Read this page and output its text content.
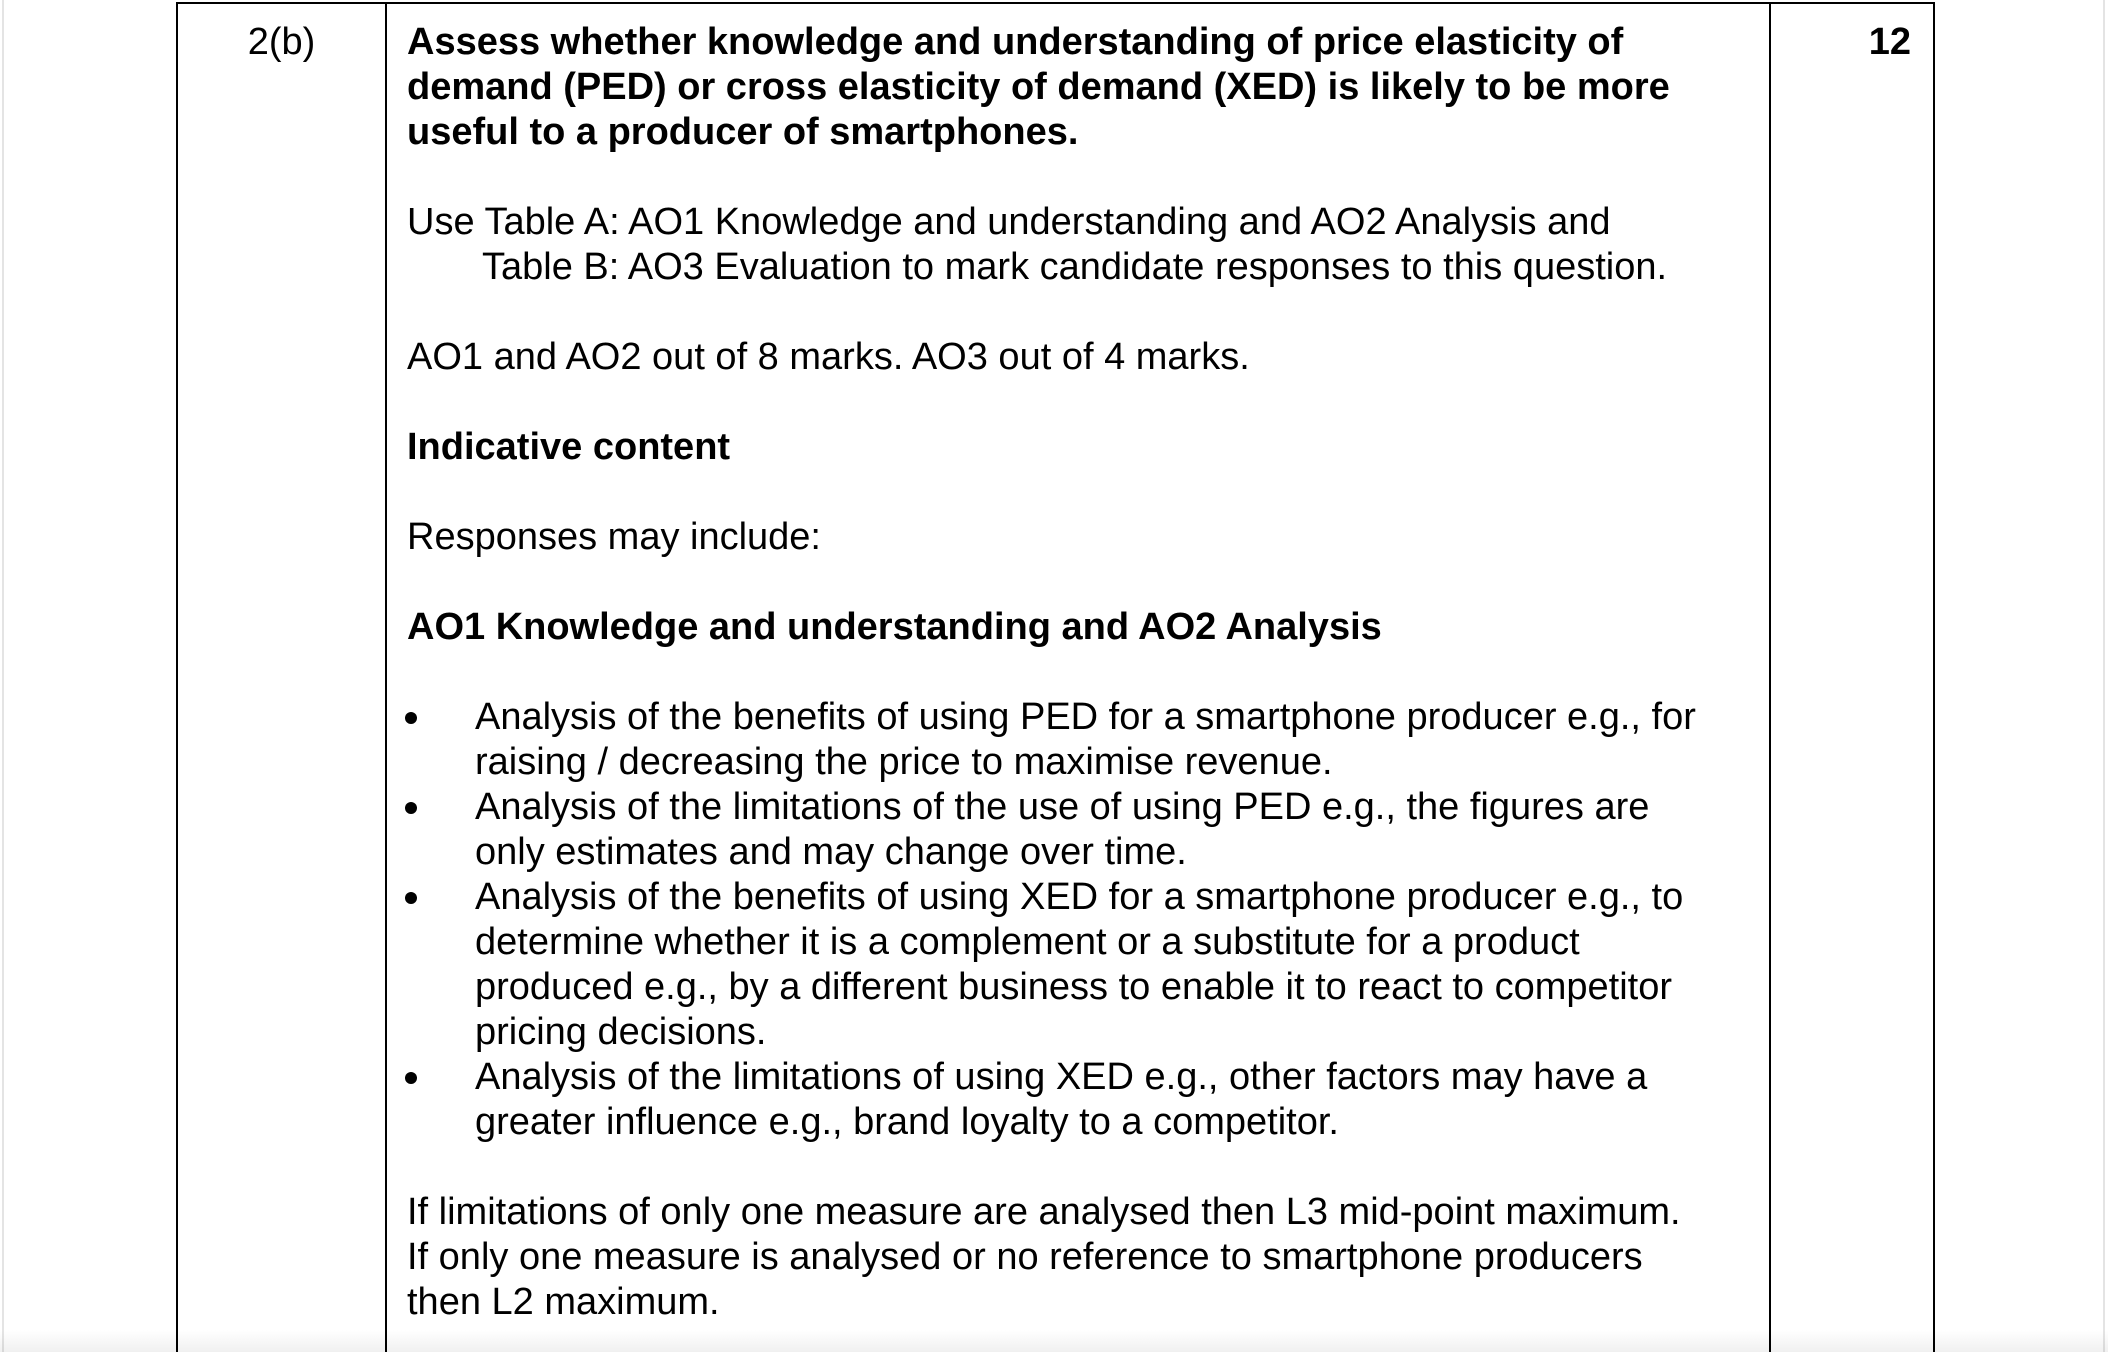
2(b)	Assess whether knowledge and understanding of price elasticity of
demand (PED) or cross elasticity of demand (XED) is likely to be more
useful to a producer of smartphones.
Use Table A: AO1 Knowledge and understanding and AO2 Analysis and
Table B: AO3 Evaluation to mark candidate responses to this question.
AO1 and AO2 out of 8 marks. AO3 out of 4 marks.
Indicative content
Responses may include:
AO1 Knowledge and understanding and AO2 Analysis
Analysis of the benefits of using PED for a smartphone producer e.g., for
raising / decreasing the price to maximise revenue.
Analysis of the limitations of the use of using PED e.g., the figures are
only estimates and may change over time.
Analysis of the benefits of using XED for a smartphone producer e.g., to
determine whether it is a complement or a substitute for a product
produced e.g., by a different business to enable it to react to competitor
pricing decisions.
Analysis of the limitations of using XED e.g., other factors may have a
greater influence e.g., brand loyalty to a competitor.
If limitations of only one measure are analysed then L3 mid-point maximum.
If only one measure is analysed or no reference to smartphone producers
then L2 maximum.
12
